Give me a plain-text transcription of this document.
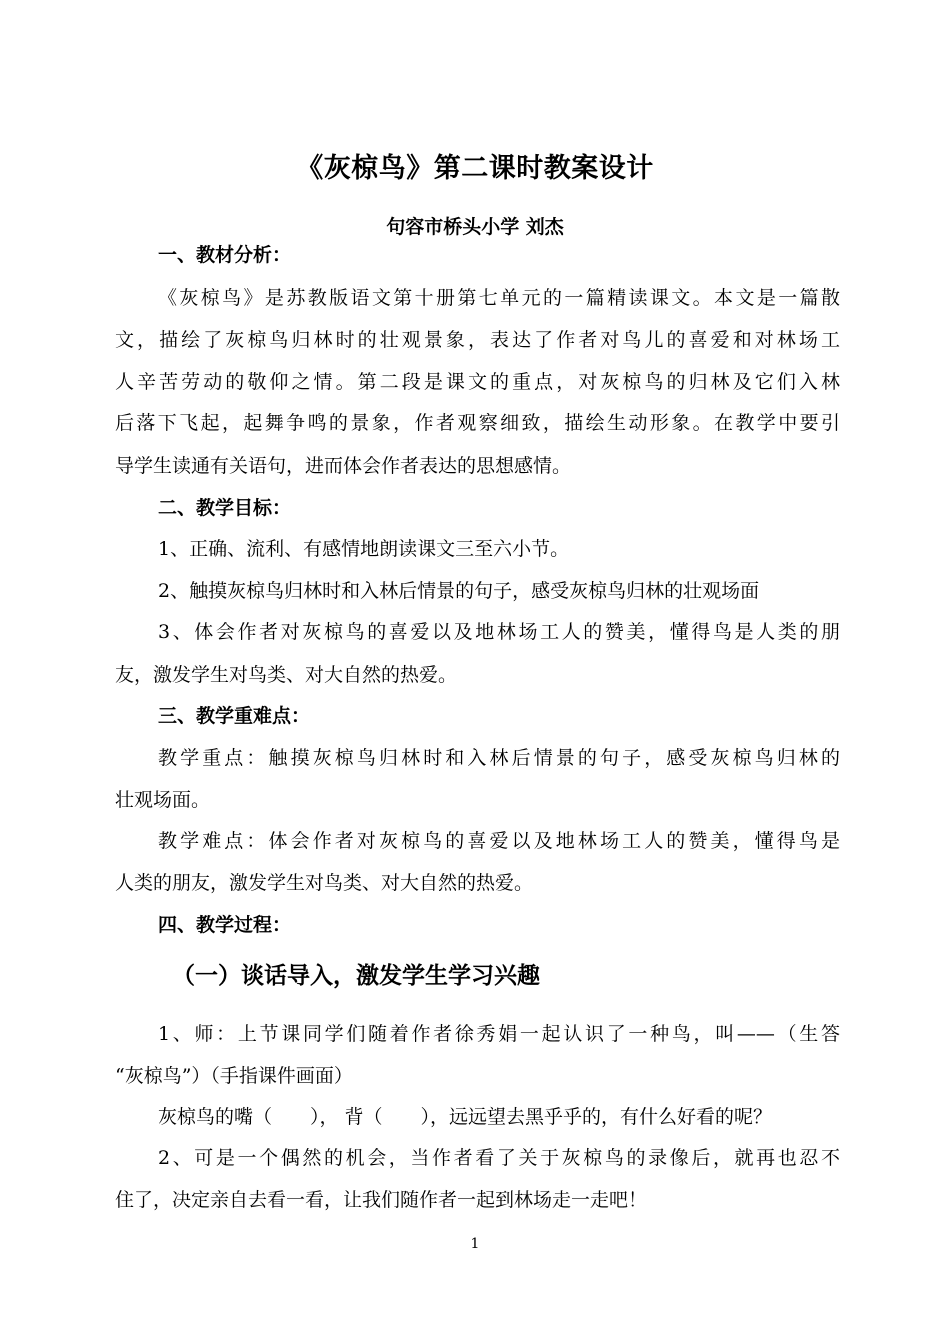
《灰椋鸟》第二课时教案设计
句容市桥头小学 刘杰
一、教材分析：
《灰椋鸟》是苏教版语文第十册第七单元的一篇精读课文。本文是一篇散
文，描绘了灰椋鸟归林时的壮观景象，表达了作者对鸟儿的喜爱和对林场工
人辛苦劳动的敬仰之情。第二段是课文的重点，对灰椋鸟的归林及它们入林
后落下飞起，起舞争鸣的景象，作者观察细致，描绘生动形象。在教学中要引
导学生读通有关语句，进而体会作者表达的思想感情。
二、教学目标：
1、正确、流利、有感情地朗读课文三至六小节。
2、触摸灰椋鸟归林时和入林后情景的句子，感受灰椋鸟归林的壮观场面
3、体会作者对灰椋鸟的喜爱以及地林场工人的赞美，懂得鸟是人类的朋
友，激发学生对鸟类、对大自然的热爱。
三、教学重难点：
教学重点：触摸灰椋鸟归林时和入林后情景的句子，感受灰椋鸟归林的
壮观场面。
教学难点：体会作者对灰椋鸟的喜爱以及地林场工人的赞美，懂得鸟是
人类的朋友，激发学生对鸟类、对大自然的热爱。
四、教学过程：
（一）谈话导入，激发学生学习兴趣
1、师：上节课同学们随着作者徐秀娟一起认识了一种鸟，叫——（生答
“灰椋鸟”）（手指课件画面）
灰椋鸟的嘴（　　）， 背（　　），远远望去黑乎乎的，有什么好看的呢？
2、可是一个偶然的机会，当作者看了关于灰椋鸟的录像后，就再也忍不
住了，决定亲自去看一看，让我们随作者一起到林场走一走吧！
1
